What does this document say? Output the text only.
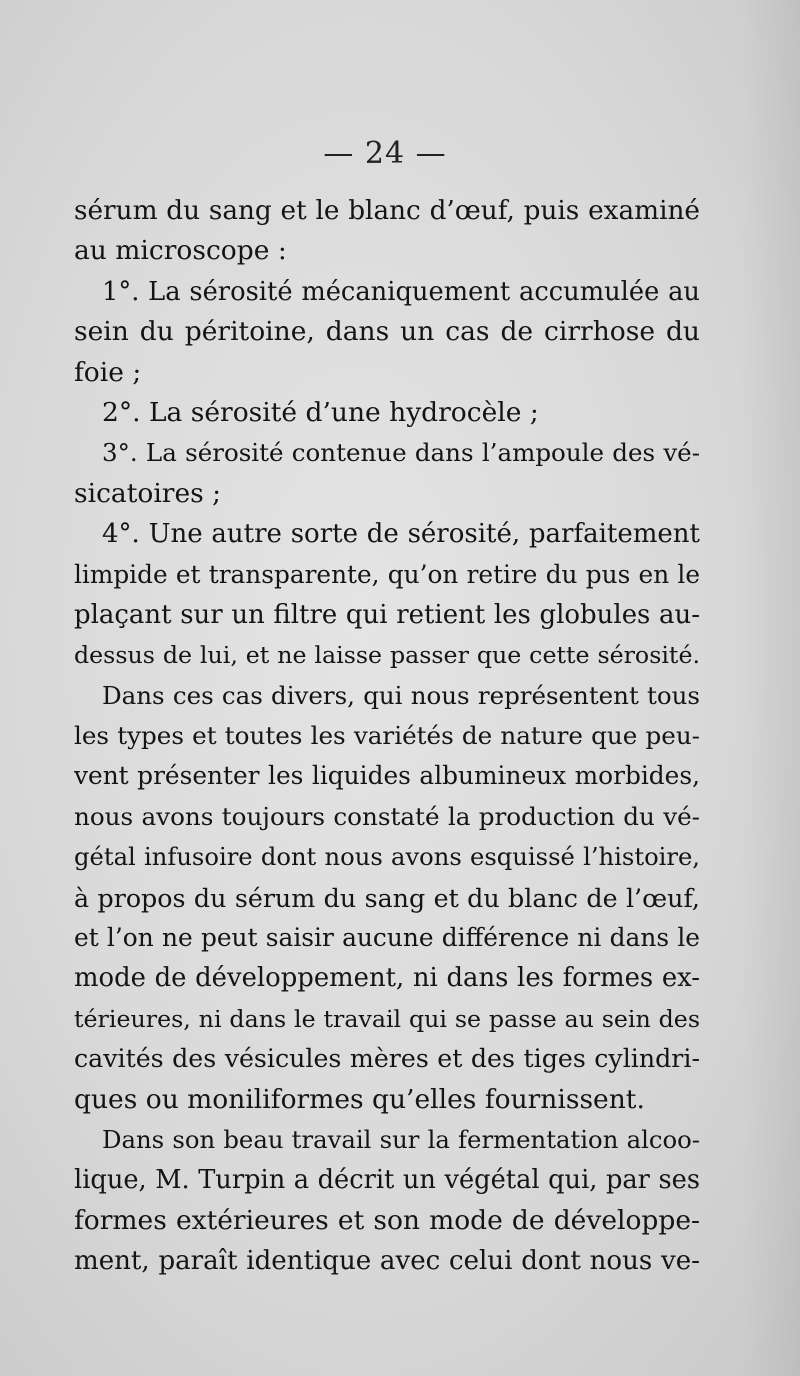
— 24 —
sérum du sang et le blanc d’œuf, puis examiné
au microscope :
1°. La sérosité mécaniquement accumulée au
sein du péritoine, dans un cas de cirrhose du
foie ;
2°. La sérosité d’une hydrocèle ;
3°. La sérosité contenue dans l’ampoule des vé-
sicatoires ;
4°. Une autre sorte de sérosité, parfaitement
limpide et transparente, qu’on retire du pus en le
plaçant sur un filtre qui retient les globules au-
dessus de lui, et ne laisse passer que cette sérosité.
Dans ces cas divers, qui nous représentent tous
les types et toutes les variétés de nature que peu-
vent présenter les liquides albumineux morbides,
nous avons toujours constaté la production du vé-
gétal infusoire dont nous avons esquissé l’histoire,
à propos du sérum du sang et du blanc de l’œuf,
et l’on ne peut saisir aucune différence ni dans le
mode de développement, ni dans les formes ex-
térieures, ni dans le travail qui se passe au sein des
cavités des vésicules mères et des tiges cylindri-
ques ou moniliformes qu’elles fournissent.
Dans son beau travail sur la fermentation alcoo-
lique, M. Turpin a décrit un végétal qui, par ses
formes extérieures et son mode de développe-
ment, paraît identique avec celui dont nous ve-
